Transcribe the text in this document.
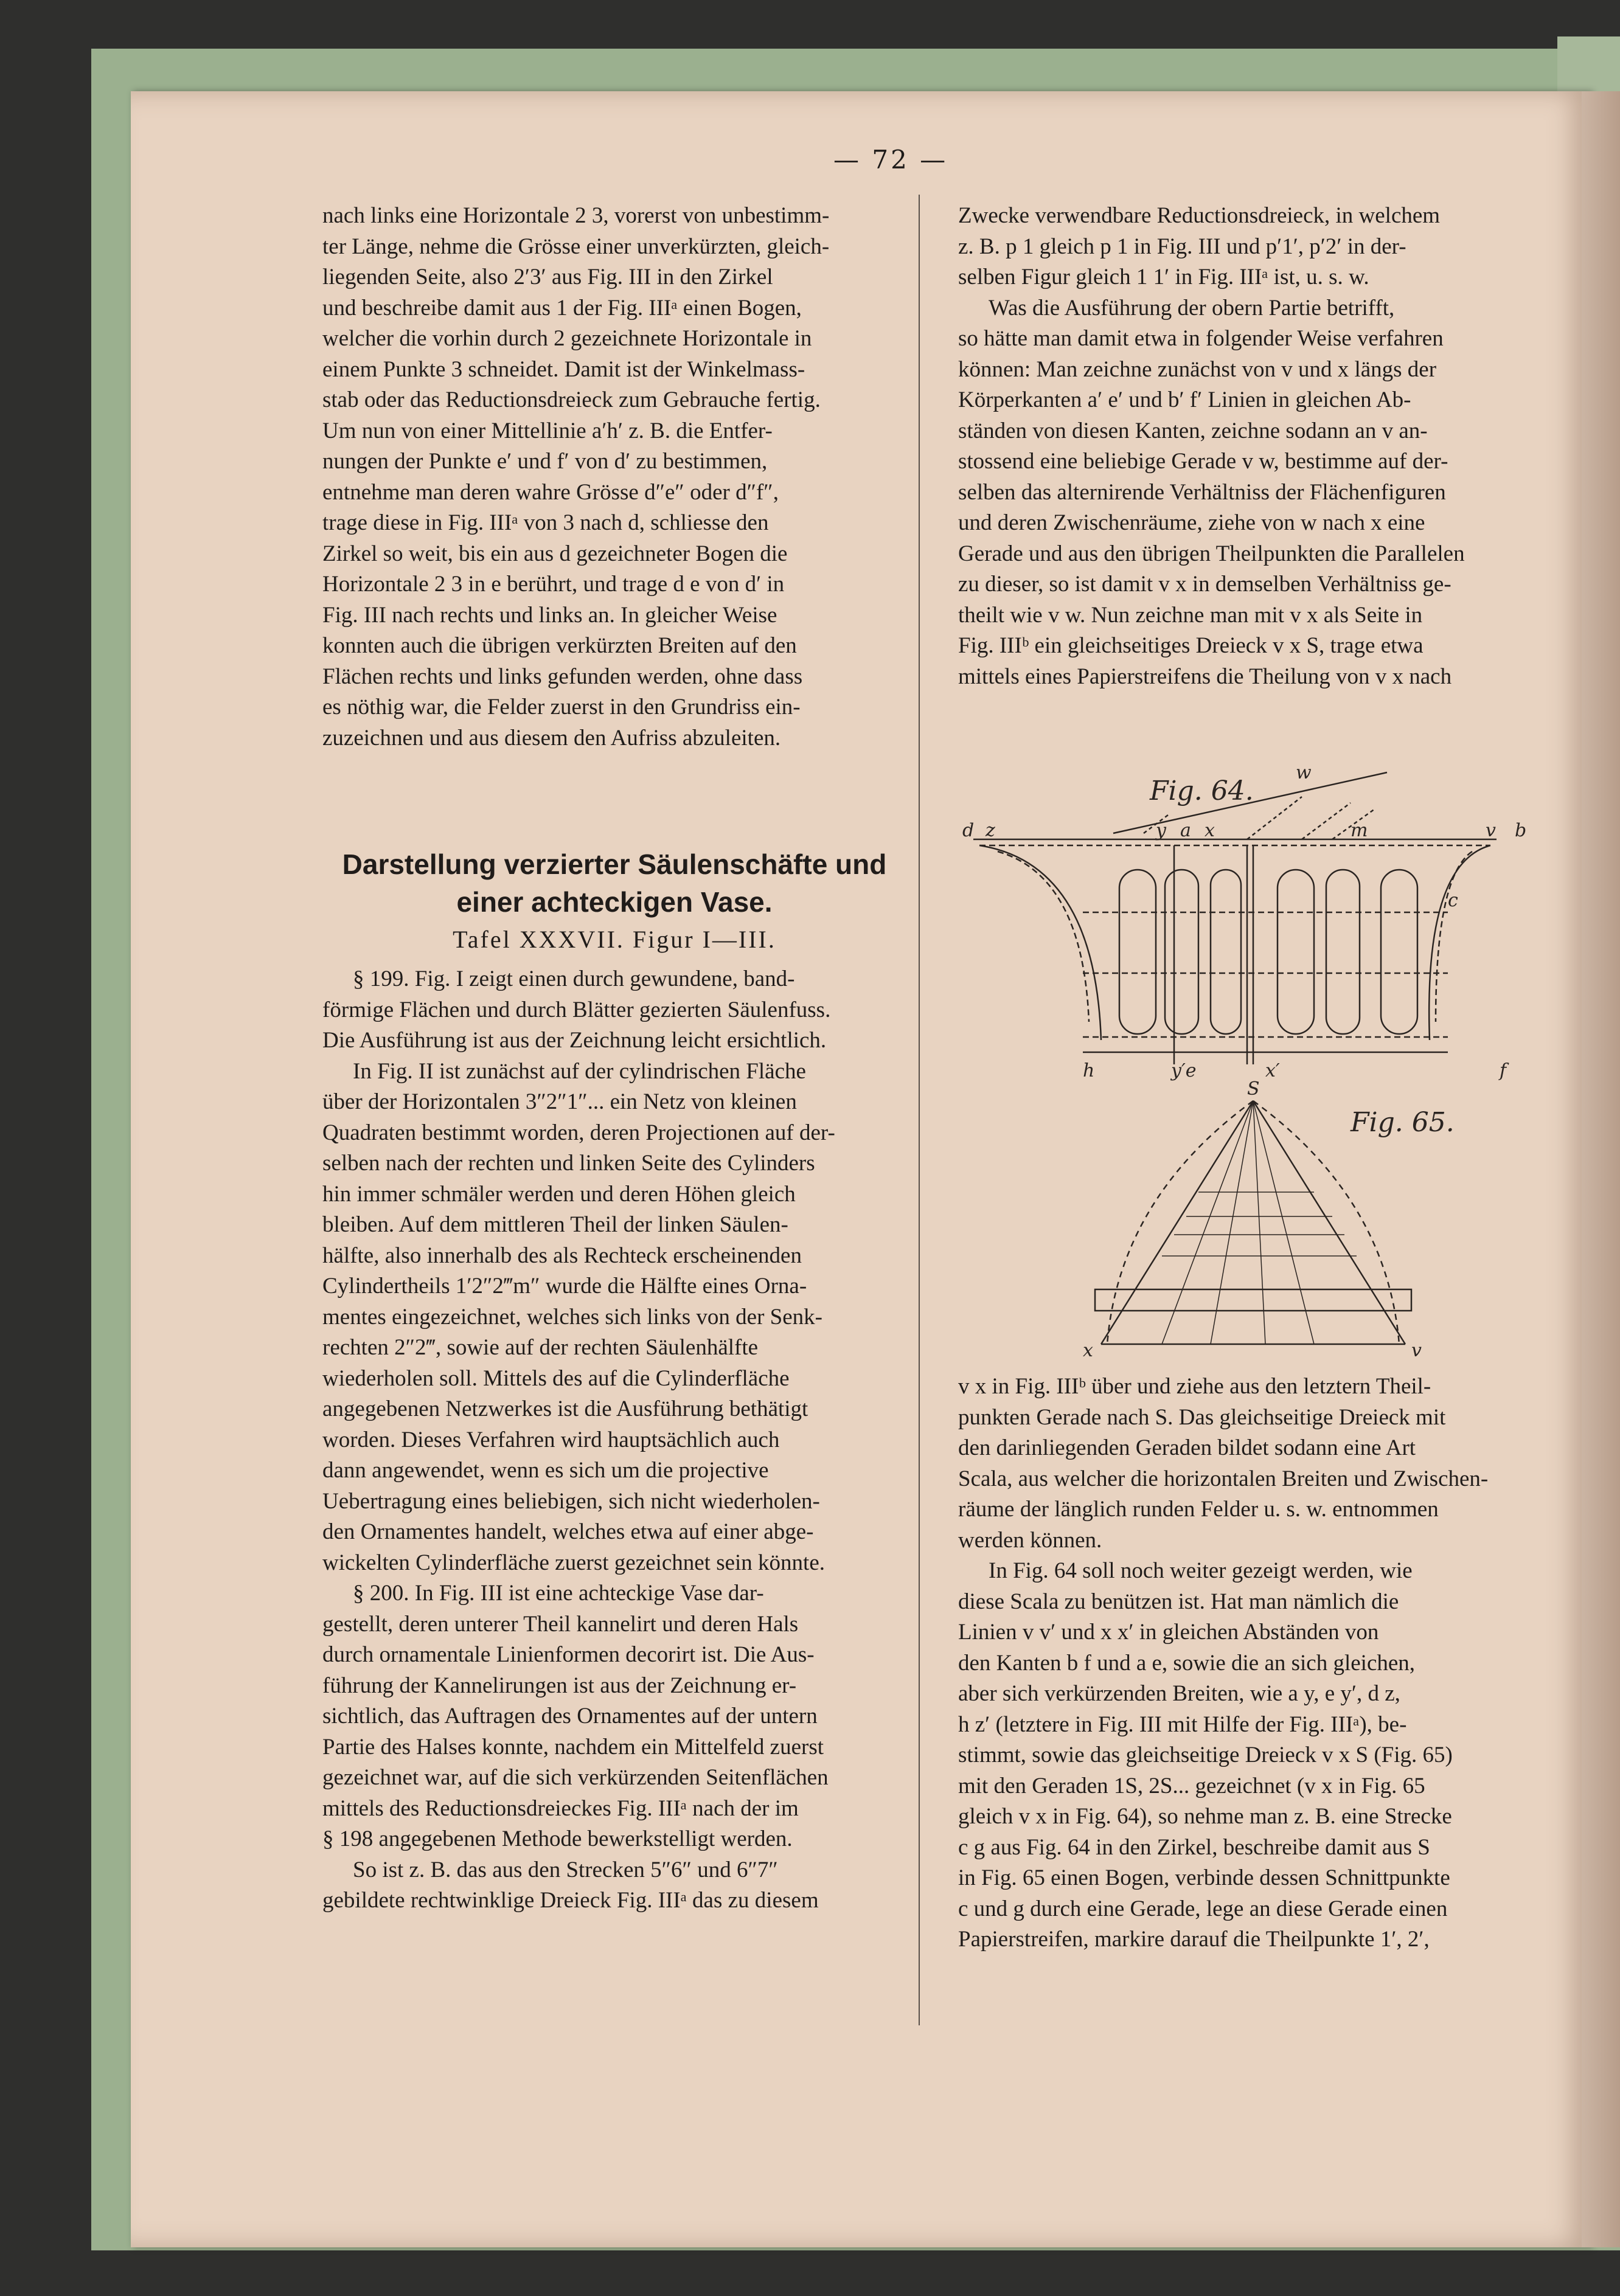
— 72 —

nach links eine Horizontale 2 3, vorerst von unbestimm-

ter Länge, nehme die Grösse einer unverkürzten, gleich-

liegenden Seite, also 2′3′ aus Fig. III in den Zirkel

und beschreibe damit aus 1 der Fig. IIIᵃ einen Bogen,

welcher die vorhin durch 2 gezeichnete Horizontale in

einem Punkte 3 schneidet. Damit ist der Winkelmass-

stab oder das Reductionsdreieck zum Gebrauche fertig.

Um nun von einer Mittellinie a′h′ z. B. die Entfer-

nungen der Punkte e′ und f′ von d′ zu bestimmen,

entnehme man deren wahre Grösse d″e″ oder d″f″,

trage diese in Fig. IIIᵃ von 3 nach d, schliesse den

Zirkel so weit, bis ein aus d gezeichneter Bogen die

Horizontale 2 3 in e berührt, und trage d e von d′ in

Fig. III nach rechts und links an. In gleicher Weise

konnten auch die übrigen verkürzten Breiten auf den

Flächen rechts und links gefunden werden, ohne dass

es nöthig war, die Felder zuerst in den Grundriss ein-

zuzeichnen und aus diesem den Aufriss abzuleiten.

Darstellung verzierter Säulenschäfte und
einer achteckigen Vase.
Tafel XXXVII. Figur I—III.

§ 199. Fig. I zeigt einen durch gewundene, band-

förmige Flächen und durch Blätter gezierten Säulenfuss.

Die Ausführung ist aus der Zeichnung leicht ersichtlich.

In Fig. II ist zunächst auf der cylindrischen Fläche

über der Horizontalen 3″2″1″... ein Netz von kleinen

Quadraten bestimmt worden, deren Projectionen auf der-

selben nach der rechten und linken Seite des Cylinders

hin immer schmäler werden und deren Höhen gleich

bleiben. Auf dem mittleren Theil der linken Säulen-

hälfte, also innerhalb des als Rechteck erscheinenden

Cylindertheils 1′2″2‴m″ wurde die Hälfte eines Orna-

mentes eingezeichnet, welches sich links von der Senk-

rechten 2″2‴, sowie auf der rechten Säulenhälfte

wiederholen soll. Mittels des auf die Cylinderfläche

angegebenen Netzwerkes ist die Ausführung bethätigt

worden. Dieses Verfahren wird hauptsächlich auch

dann angewendet, wenn es sich um die projective

Uebertragung eines beliebigen, sich nicht wiederholen-

den Ornamentes handelt, welches etwa auf einer abge-

wickelten Cylinderfläche zuerst gezeichnet sein könnte.

§ 200. In Fig. III ist eine achteckige Vase dar-

gestellt, deren unterer Theil kannelirt und deren Hals

durch ornamentale Linienformen decorirt ist. Die Aus-

führung der Kannelirungen ist aus der Zeichnung er-

sichtlich, das Auftragen des Ornamentes auf der untern

Partie des Halses konnte, nachdem ein Mittelfeld zuerst

gezeichnet war, auf die sich verkürzenden Seitenflächen

mittels des Reductionsdreieckes Fig. IIIᵃ nach der im

§ 198 angegebenen Methode bewerkstelligt werden.

So ist z. B. das aus den Strecken 5″6″ und 6″7″

gebildete rechtwinklige Dreieck Fig. IIIᵃ das zu diesem

Zwecke verwendbare Reductionsdreieck, in welchem

z. B. p 1 gleich p 1 in Fig. III und p′1′, p′2′ in der-

selben Figur gleich 1 1′ in Fig. IIIᵃ ist, u. s. w.

Was die Ausführung der obern Partie betrifft,

so hätte man damit etwa in folgender Weise verfahren

können: Man zeichne zunächst von v und x längs der

Körperkanten a′ e′ und b′ f′ Linien in gleichen Ab-

ständen von diesen Kanten, zeichne sodann an v an-

stossend eine beliebige Gerade v w, bestimme auf der-

selben das alternirende Verhältniss der Flächenfiguren

und deren Zwischenräume, ziehe von w nach x eine

Gerade und aus den übrigen Theilpunkten die Parallelen

zu dieser, so ist damit v x in demselben Verhältniss ge-

theilt wie v w. Nun zeichne man mit v x als Seite in

Fig. IIIᵇ ein gleichseitiges Dreieck v x S, trage etwa

mittels eines Papierstreifens die Theilung von v x nach

Fig. 64.
d z	y a x	m	v b
w
c
h	y′e	x′	f
S
Fig. 65.
x	v

v x in Fig. IIIᵇ über und ziehe aus den letztern Theil-

punkten Gerade nach S. Das gleichseitige Dreieck mit

den darinliegenden Geraden bildet sodann eine Art

Scala, aus welcher die horizontalen Breiten und Zwischen-

räume der länglich runden Felder u. s. w. entnommen

werden können.

In Fig. 64 soll noch weiter gezeigt werden, wie

diese Scala zu benützen ist. Hat man nämlich die

Linien v v′ und x x′ in gleichen Abständen von

den Kanten b f und a e, sowie die an sich gleichen,

aber sich verkürzenden Breiten, wie a y, e y′, d z,

h z′ (letztere in Fig. III mit Hilfe der Fig. IIIᵃ), be-

stimmt, sowie das gleichseitige Dreieck v x S (Fig. 65)

mit den Geraden 1S, 2S... gezeichnet (v x in Fig. 65

gleich v x in Fig. 64), so nehme man z. B. eine Strecke

c g aus Fig. 64 in den Zirkel, beschreibe damit aus S

in Fig. 65 einen Bogen, verbinde dessen Schnittpunkte

c und g durch eine Gerade, lege an diese Gerade einen

Papierstreifen, markire darauf die Theilpunkte 1′, 2′,
